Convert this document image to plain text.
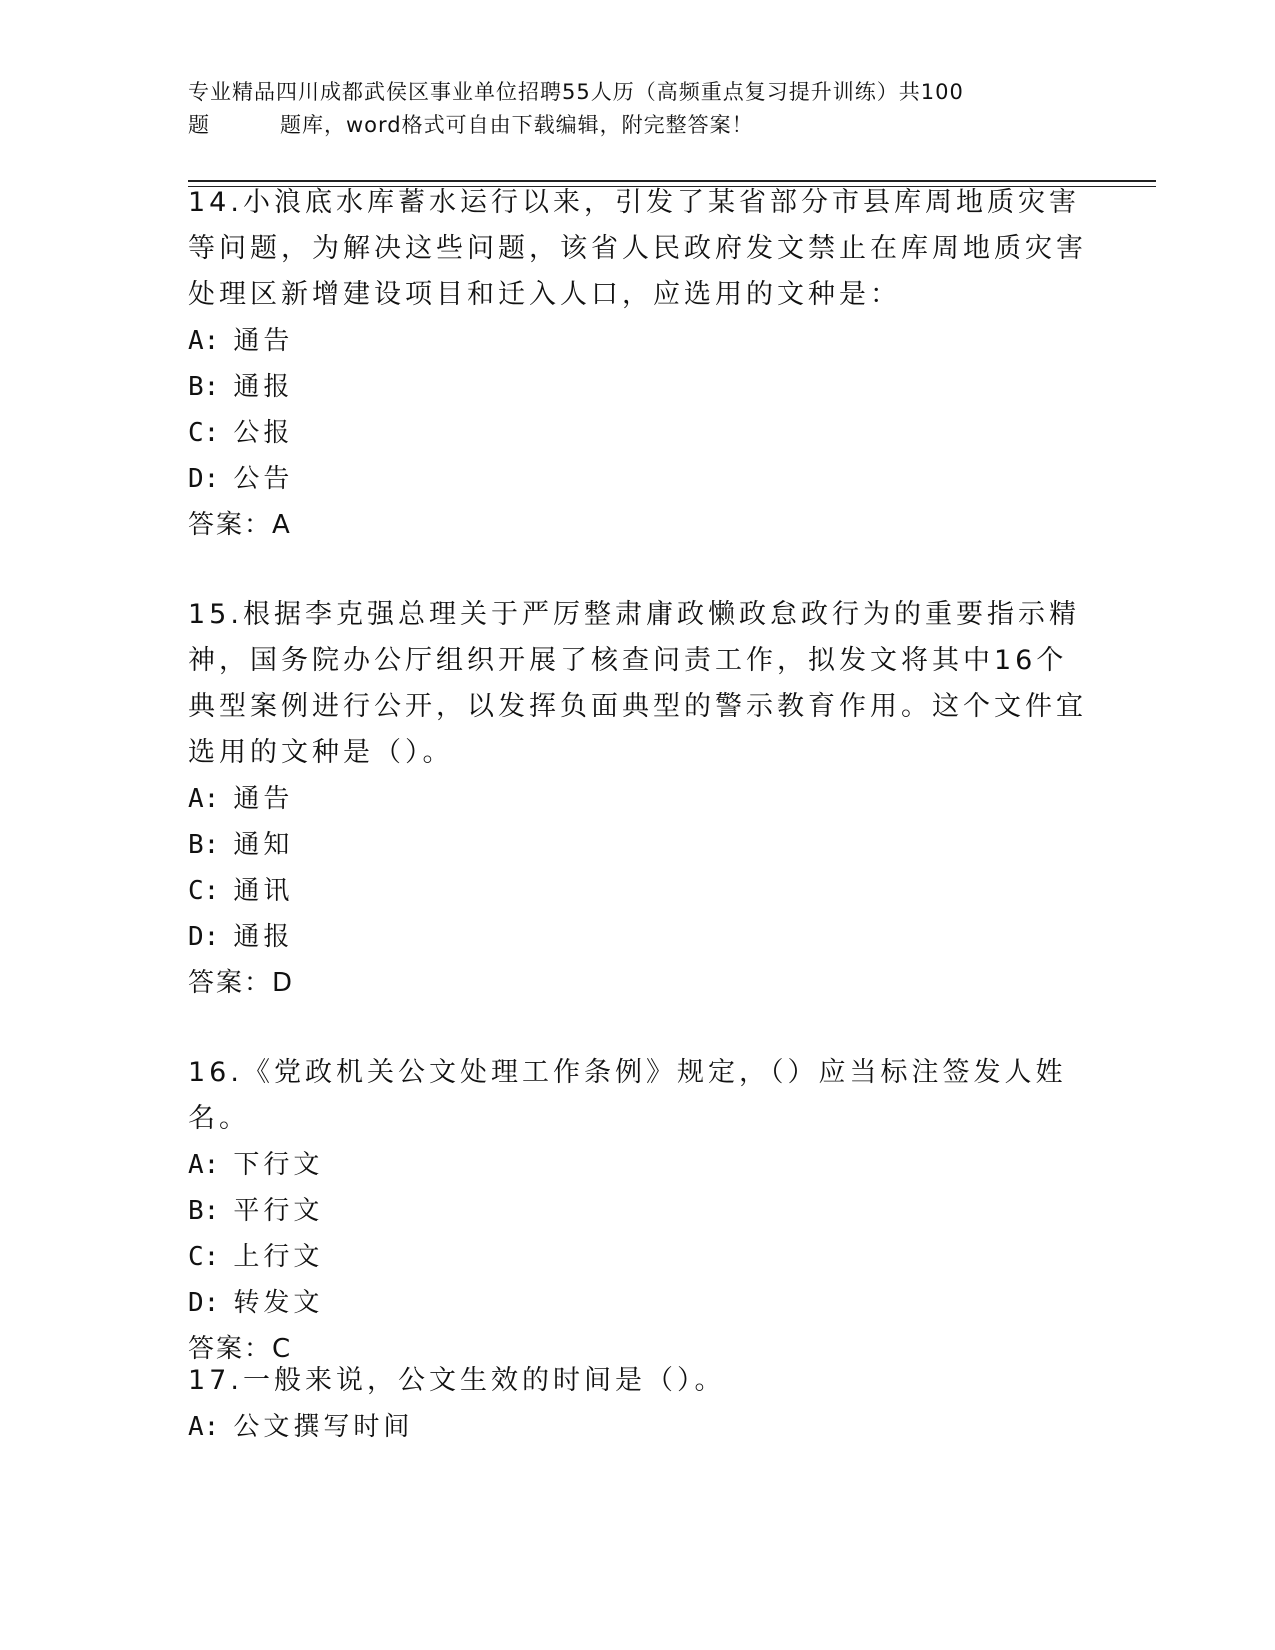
专业精品四川成都武侯区事业单位招聘55人历（高频重点复习提升训练）共100
题	题库，word格式可自由下载编辑，附完整答案！

14.小浪底水库蓄水运行以来，引发了某省部分市县库周地质灾害等问题，为解决这些问题，该省人民政府发文禁止在库周地质灾害处理区新增建设项目和迁入人口，应选用的文种是：

A: 通告

B: 通报

C: 公报

D: 公告

答案：A

15.根据李克强总理关于严厉整肃庸政懒政怠政行为的重要指示精神，国务院办公厅组织开展了核查问责工作，拟发文将其中16个典型案例进行公开，以发挥负面典型的警示教育作用。这个文件宜选用的文种是（）。

A: 通告

B: 通知

C: 通讯

D: 通报

答案：D

16.《党政机关公文处理工作条例》规定，（）应当标注签发人姓名。

A: 下行文

B: 平行文

C: 上行文

D: 转发文

答案：C

17.一般来说，公文生效的时间是（）。

A: 公文撰写时间
